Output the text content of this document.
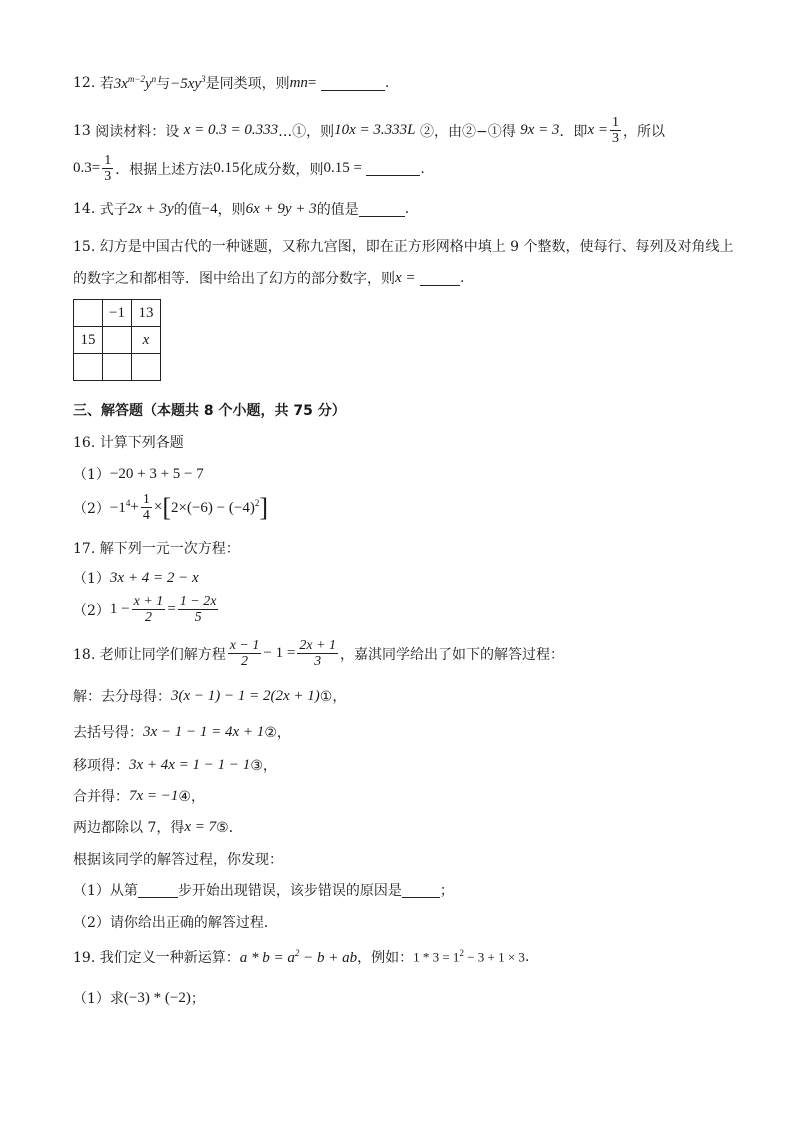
12.
若 $3x^{m-2}y^n$ 与 $-5xy^3$ 是同类项，则 mn =
	.
13
阅读材料：设
x = 0.3 = 0.333 …①，则 10x = 3.333L
②，由②−①得
9x = 3 ．即 $x = \frac{1}{3}$ ，所以
$0.3 = \frac{1}{3}$ ．根据上述方法 0.15 化成分数，则 0.15 =
	.
14.
式子 2x + 3y 的值 −4 ，则 6x + 9y + 3 的值是	.
15. 幻方是中国古代的一种谜题，又称九宫图，即在正方形网格中填上 9 个整数，使每行、每列及对角线上
的数字之和都相等．图中给出了幻方的部分数字，则 x =
	.
	−1	13
15		x

三、解答题（本题共 8 个小题，共 75 分）
16. 计算下列各题
（1） −20 + 3 + 5 − 7
$(2) -1^4 + \frac{1}{4}$ × [ $2\times(-6) - (-4)^2$ ]
17. 解下列一元一次方程：
（1） 3x + 4 = 2 − x
（2） $1 - \frac{x + 1}{2} = \frac{1 - 2x}{5}$
18. 老师让同学们解方程 $\frac{x - 1}{2} - 1 = \frac{2x + 1}{3}$ ，嘉淇同学给出了如下的解答过程：
解：去分母得： 3(x − 1) − 1 = 2(2x + 1) ①，
去括号得： 3x − 1 − 1 = 4x + 1 ②，
移项得： 3x + 4x = 1 − 1 − 1 ③，
合并得： 7x = −1 ④，
两边都除以 7，得 x = 7 ⑤．
根据该同学的解答过程，你发现：
（1）从第	步开始出现错误，该步错误的原因是	；
（2）请你给出正确的解答过程．
19. 我们定义一种新运算： $a * b = a^2 - b$ + ab ，例如： $1 * 3 = 1^2 - 3 + 1 \times 3$ .
（1）求 (−3) * (−2) ；
